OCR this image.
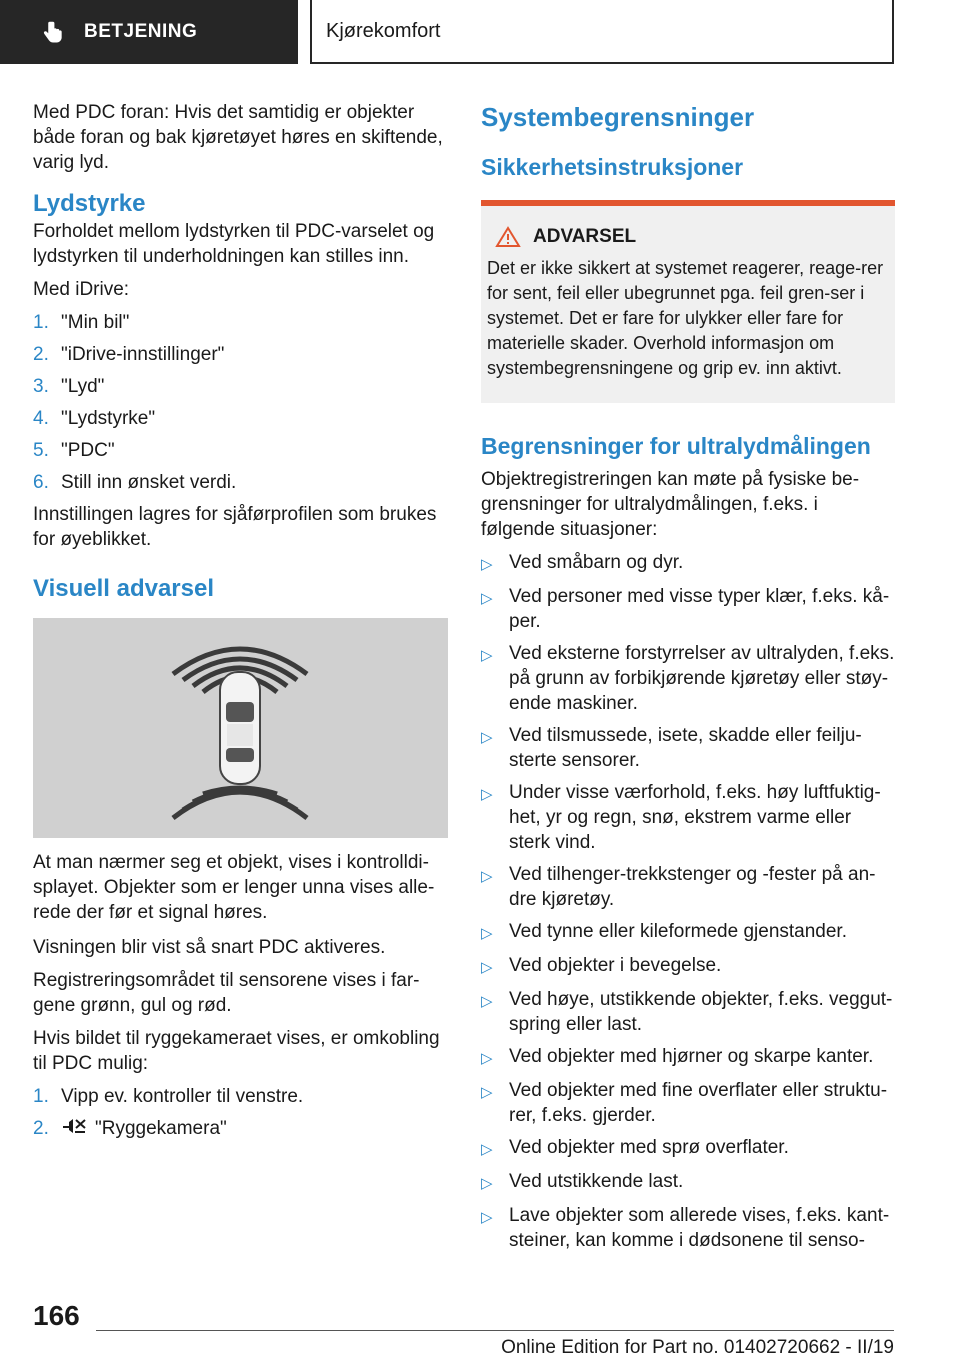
BETJENING	Kjørekomfort

Med PDC foran: Hvis det samtidig er objekter både foran og bak kjøretøyet høres en skiftende, varig lyd.

Lydstyrke

Forholdet mellom lydstyrken til PDC-varselet og lydstyrken til underholdningen kan stilles inn.

Med iDrive:

1. "Min bil"
2. "iDrive-innstillinger"
3. "Lyd"
4. "Lydstyrke"
5. "PDC"
6. Still inn ønsket verdi.

Innstillingen lagres for sjåførprofilen som brukes for øyeblikket.

Visuell advarsel

At man nærmer seg et objekt, vises i kontrolldi-splayet. Objekter som er lenger unna vises alle-rede der før et signal høres.

Visningen blir vist så snart PDC aktiveres.

Registreringsområdet til sensorene vises i far-gene grønn, gul og rød.

Hvis bildet til ryggekameraet vises, er omkobling til PDC mulig:

1. Vipp ev. kontroller til venstre.
2.	"Ryggekamera"
Systembegrensninger
Sikkerhetsinstruksjoner
ADVARSEL

Det er ikke sikkert at systemet reagerer, reage-rer for sent, feil eller ubegrunnet pga. feil gren-ser i systemet. Det er fare for ulykker eller fare for materielle skader. Overhold informasjon om systembegrensningene og grip ev. inn aktivt.

Begrensninger for ultralydmålingen

Objektregistreringen kan møte på fysiske be-grensninger for ultralydmålingen, f.eks. i følgende situasjoner:

▷ Ved småbarn og dyr.
▷ Ved personer med visse typer klær, f.eks. kå-per.
▷ Ved eksterne forstyrrelser av ultralyden, f.eks. på grunn av forbikjørende kjøretøy eller støy-ende maskiner.
▷ Ved tilsmussede, isete, skadde eller feilju-sterte sensorer.
▷ Under visse værforhold, f.eks. høy luftfuktig-het, yr og regn, snø, ekstrem varme eller sterk vind.
▷ Ved tilhenger-trekkstenger og -fester på an-dre kjøretøy.
▷ Ved tynne eller kileformede gjenstander.
▷ Ved objekter i bevegelse.
▷ Ved høye, utstikkende objekter, f.eks. veggut-spring eller last.
▷ Ved objekter med hjørner og skarpe kanter.
▷ Ved objekter med fine overflater eller struktu-rer, f.eks. gjerder.
▷ Ved objekter med sprø overflater.
▷ Ved utstikkende last.
▷ Lave objekter som allerede vises, f.eks. kant-steiner, kan komme i dødsonene til senso-
166
Online Edition for Part no. 01402720662 - II/19
